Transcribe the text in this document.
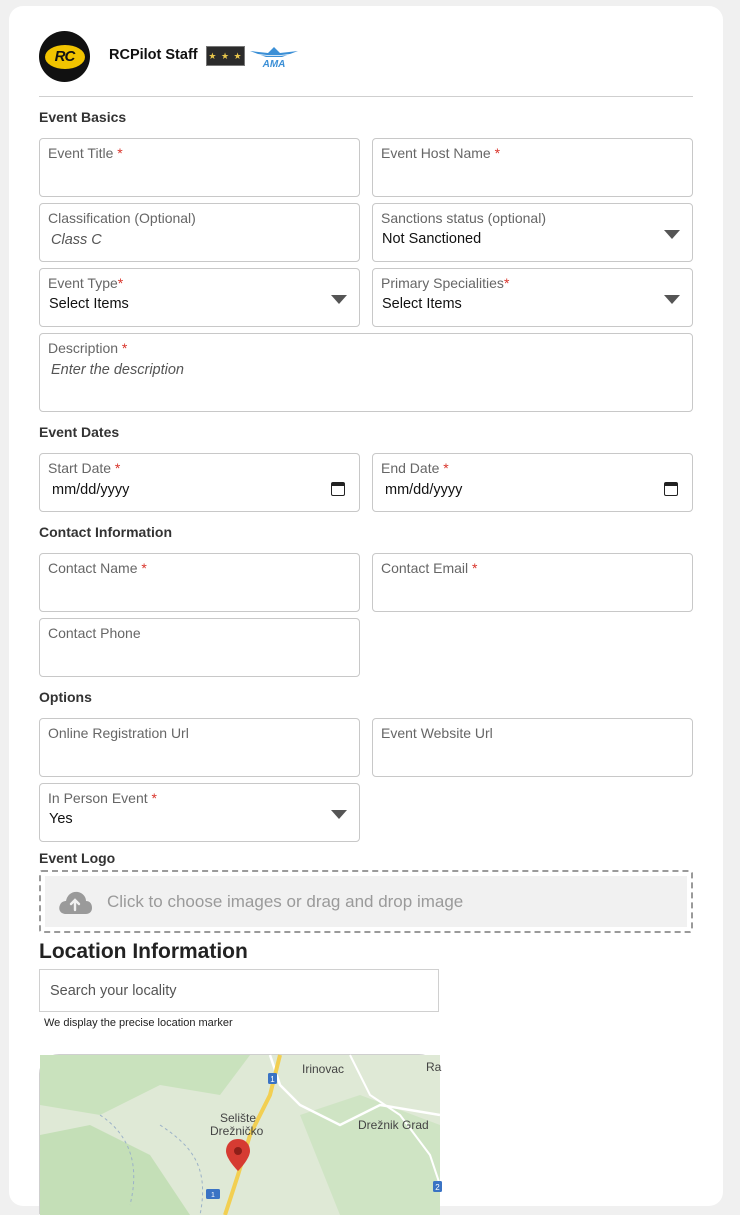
RC	RCPilot Staff ★ ★ ★
AMA
Event Basics
Event Title *	Event Host Name *
Classification (Optional)
Class C
Sanctions status (optional)
Not Sanctioned
Event Type*
Select Items
Primary Specialities*
Select Items
Description *
Enter the description
Event Dates
Start Date *
mm/dd/yyyy
End Date *
mm/dd/yyyy
Contact Information
Contact Name *	Contact Email *
Contact Phone
Options
Online Registration Url	Event Website Url
In Person Event *
Yes
Event Logo
Click to choose images or drag and drop image
Location Information
Search your locality
We display the precise location marker
1
1
2
Irinovac	Ra
Selište
Drežničko	Drežnik Grad
